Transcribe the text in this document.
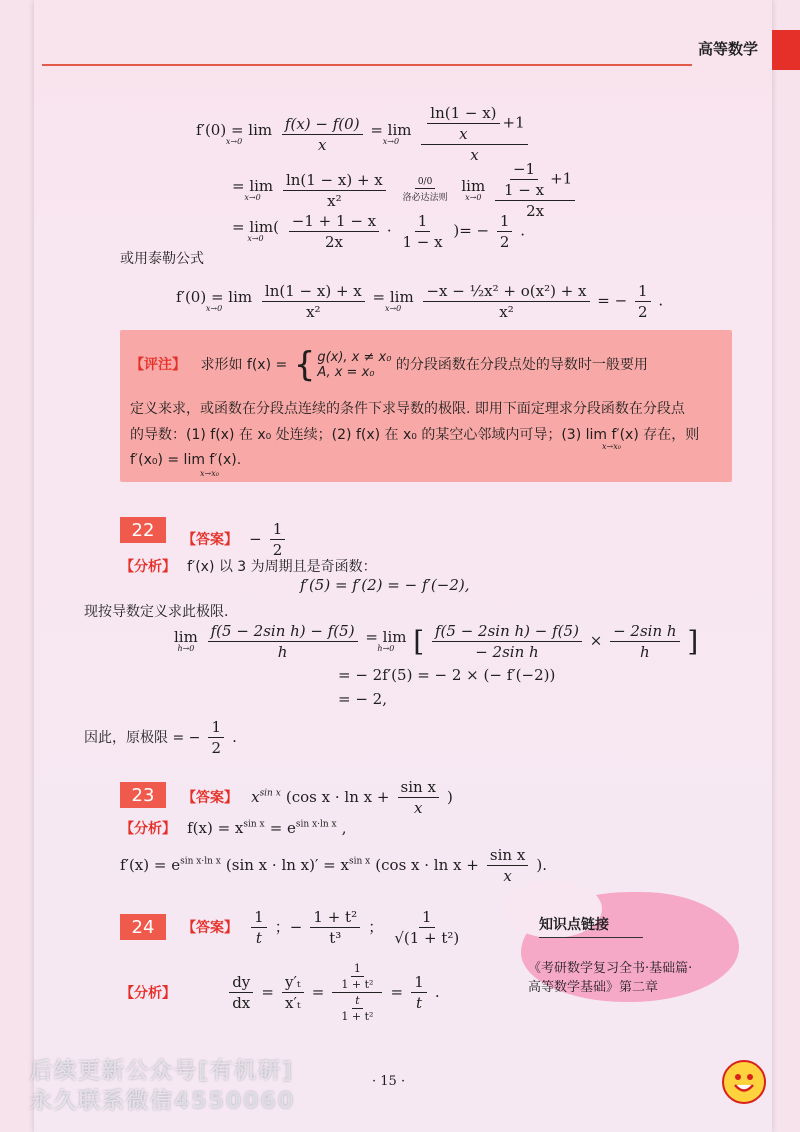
高等数学
f′(0) = lim
x→0
	$\frac{f(x) - f(0)}{x}$
= lim
x→0
$\frac{\frac{\ln(1 - x)}{x} +1}{x}$
= lim
x→0
$\frac{\ln(1 - x) + x}{\text{x²}}$
$\frac{0/0}{\text{洛必达法则}}$
lim
x→0
$\frac{\frac{-1}{1 - x} +1}{2x}$
= lim(
x→0
$\frac{-1 + 1 - x}{2x} \cdot \frac{1}{1 - x}$ )= − $\frac{1}{2}$ .
或用泰勒公式
f′(0) = lim
x→0
	$\frac{\ln(1 - x) + x}{\text{x²}}$
= lim
x→0
$\frac{\text{−x − ½x² + o(x²) + x}}{\text{x²}}$ = − $\frac{1}{2}$ .
【评注】 求形如 f(x) = { g(x), x ≠ x₀
A, x = x₀	的分段函数在分段点处的导数时一般要用
定义来求，或函数在分段点连续的条件下求导数的极限. 即用下面定理求分段函数在分段点
的导数：(1) f(x) 在 x₀ 处连续；(2) f(x) 在 x₀ 的某空心邻域内可导；(3) lim f′(x) 存在，则
x→x₀
f′(x₀) = lim f′(x).
x→x₀
22	【答案】 − $\frac{1}{2}$
【分析】 f′(x) 以 3 为周期且是奇函数：
f′(5) = f′(2) = − f′(−2),
现按导数定义求此极限.
lim
h→0
$\frac{\text{f(5 − 2sin h) − f(5)}}{h}$
= lim
h→0 [ $\frac{\text{f(5 − 2sin h) − f(5)}}{\text{− 2sin h}} \times \frac{\text{− 2sin h}}{h}$ ]
= − 2f′(5) = − 2 × (− f′(−2))
= − 2,
因此，原极限 = − $\frac{1}{2}$ .
23	【答案】 $x^{sin x}$ (cos $x \cdot \ln x + \frac{\text{sin x}}{x}$ )
【分析】 $f(x) = x^{sin x} = e^{sin x\cdot ln x}$ ,
$f'(x) = e^{sin x\cdot ln x}$ (sin $x \cdot \ln x)' = x^{sin x}$ (cos $x \cdot \ln x + \frac{\text{sin x}}{x}$ ).
24	【答案】 $\frac{1}{t}$ ；− $\frac{\text{1 + t²}}{\text{t³}}$ ； $\frac{1}{\text{√(1 + t²)}}$
【分析】	$\frac{dy}{dx} = \frac{\text{y′ₜ}}{\text{x′ₜ}} = \frac{\frac{1}{\text{1 + t²}}}{\frac{t}{\text{1 + t²}}} = \frac{1}{t}$ .
知识点链接
《考研数学复习全书·基础篇·
高等数学基础》第二章
· 15 ·
后续更新公众号[有机研]
永久联系微信4550060
